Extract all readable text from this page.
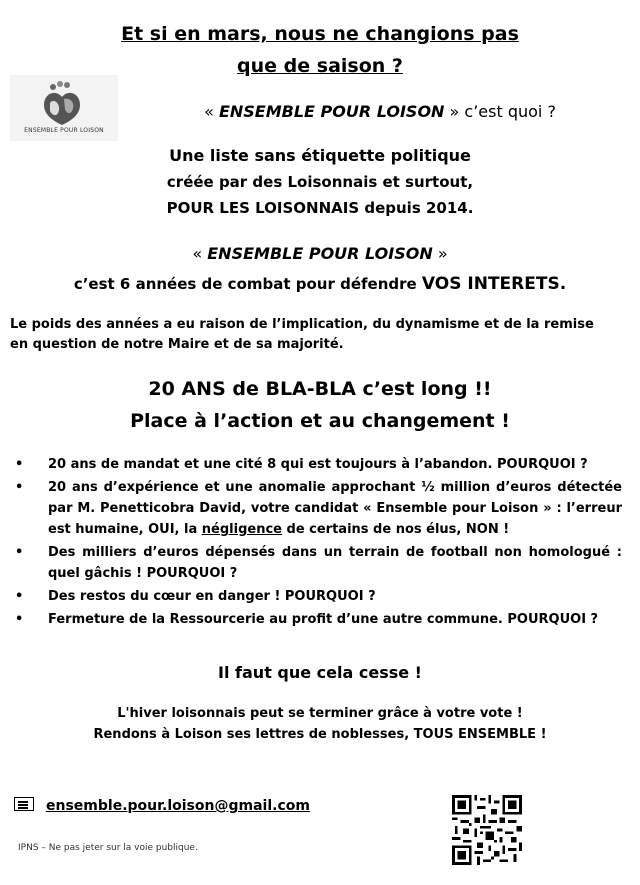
Et si en mars, nous ne changions pas
que de saison ?
ENSEMBLE POUR LOISON
« ENSEMBLE POUR LOISON » c’est quoi ?
Une liste sans étiquette politique
créée par des Loisonnais et surtout,
POUR LES LOISONNAIS depuis 2014.
« ENSEMBLE POUR LOISON »
c’est 6 années de combat pour défendre VOS INTERETS.
Le poids des années a eu raison de l’implication, du dynamisme et de la remise
en question de notre Maire et de sa majorité.
20 ANS de BLA-BLA c’est long !!
Place à l’action et au changement !
• 20 ans de mandat et une cité 8 qui est toujours à l’abandon. POURQUOI ?
• 20 ans d’expérience et une anomalie approchant ½ million d’euros détectée par M. Penetticobra David, votre candidat « Ensemble pour Loison » : l’erreur est humaine, OUI, la négligence de certains de nos élus, NON !
• Des milliers d’euros dépensés dans un terrain de football non homologué : quel gâchis ! POURQUOI ?
• Des restos du cœur en danger ! POURQUOI ?
• Fermeture de la Ressourcerie au profit d’une autre commune. POURQUOI ?
Il faut que cela cesse !
L'hiver loisonnais peut se terminer grâce à votre vote !
Rendons à Loison ses lettres de noblesses, TOUS ENSEMBLE !
ensemble.pour.loison@gmail.com
IPNS – Ne pas jeter sur la voie publique.
